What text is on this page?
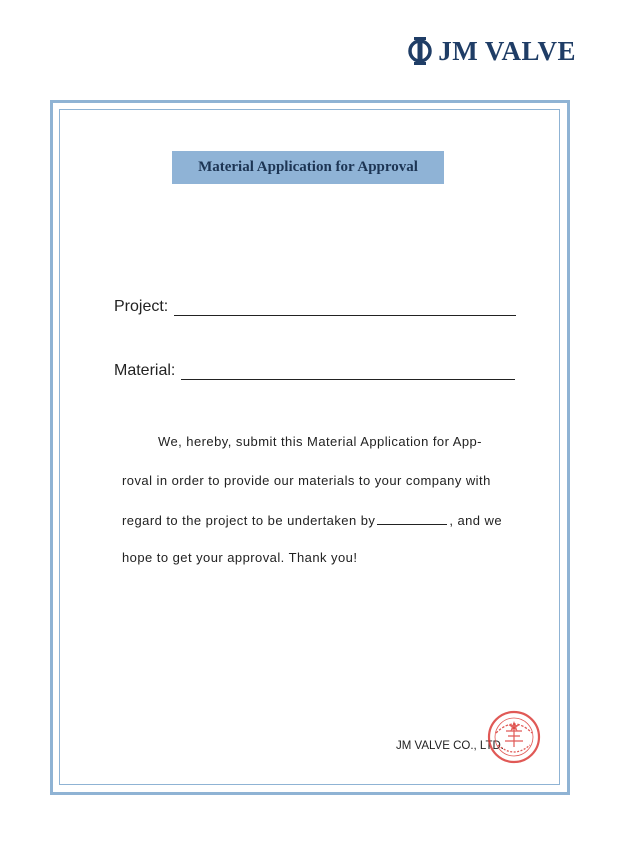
JM VALVE
Material Application for Approval
Project:
Material:
We, hereby, submit this Material Application for App-
roval in order to provide our materials to your company with
regard to the project to be undertaken by	, and we
hope to get your approval. Thank you!
JM VALVE CO., LTD.
